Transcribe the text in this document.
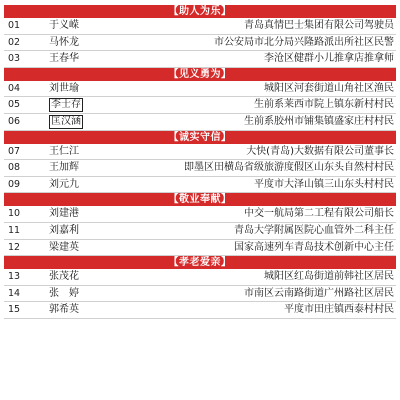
【助人为乐】
01	于义嵘	青岛真情巴士集团有限公司驾驶员
02	马怀龙	市公安局市北分局兴隆路派出所社区民警
03	王春华	李沧区健群小儿推拿店推拿师
【见义勇为】
04	刘世瑜	城阳区河套街道山角社区渔民
05	李士存	生前系莱西市院上镇东新村村民
06	匡汉涵	生前系胶州市铺集镇盛家庄村村民
【诚实守信】
07	王仁江	大快(青岛)大数据有限公司董事长
08	王加辉	即墨区田横岛省级旅游度假区山东头自然村村民
09	刘元九	平度市大泽山镇三山东头村村民
【敬业奉献】
10	刘建港	中交一航局第二工程有限公司船长
11	刘嘉利	青岛大学附属医院心血管外二科主任
12	梁建英	国家高速列车青岛技术创新中心主任
【孝老爱亲】
13	张茂花	城阳区红岛街道前韩社区居民
14	张　婷	市南区云南路街道广州路社区居民
15	郭希英	平度市田庄镇西泰村村民
